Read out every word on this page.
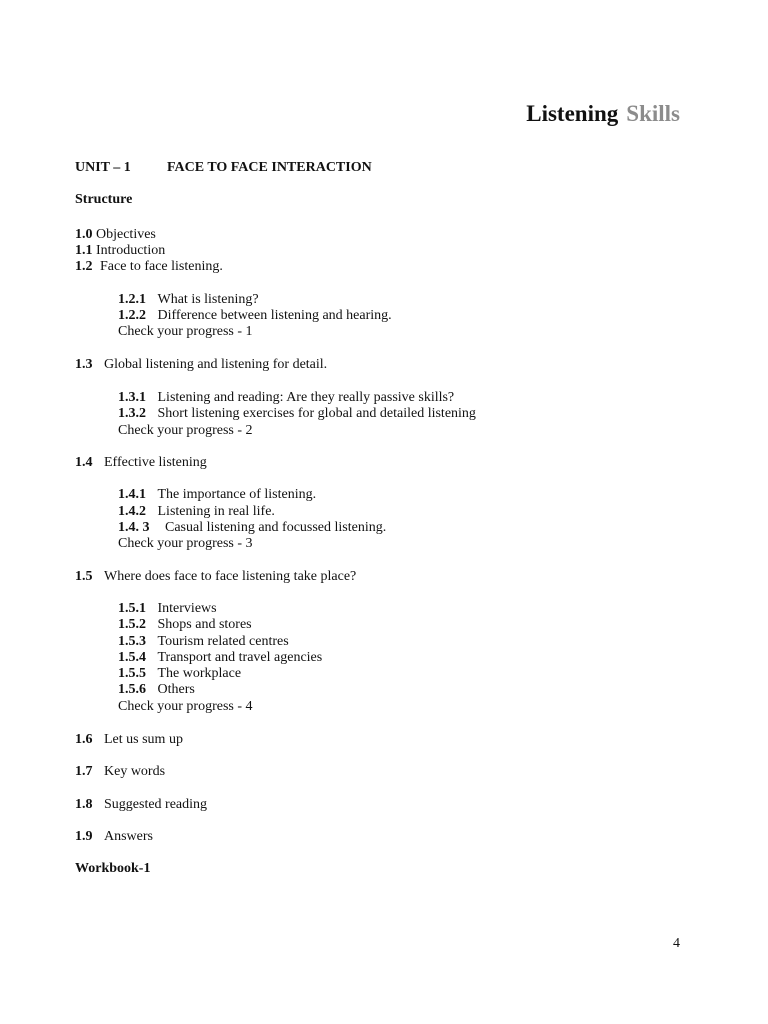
Listening Skills
UNIT – 1	FACE TO FACE INTERACTION
Structure
1.0 Objectives
1.1 Introduction
1.2 Face to face listening.
1.2.1 What is listening?
1.2.2 Difference between listening and hearing.
Check your progress - 1
1.3 Global listening and listening for detail.
1.3.1 Listening and reading: Are they really passive skills?
1.3.2 Short listening exercises for global and detailed listening
Check your progress - 2
1.4 Effective listening
1.4.1 The importance of listening.
1.4.2 Listening in real life.
1.4. 3 Casual listening and focussed listening.
Check your progress - 3
1.5 Where does face to face listening take place?
1.5.1 Interviews
1.5.2 Shops and stores
1.5.3 Tourism related centres
1.5.4 Transport and travel agencies
1.5.5 The workplace
1.5.6 Others
Check your progress - 4
1.6 Let us sum up
1.7 Key words
1.8 Suggested reading
1.9 Answers
Workbook-1
4
